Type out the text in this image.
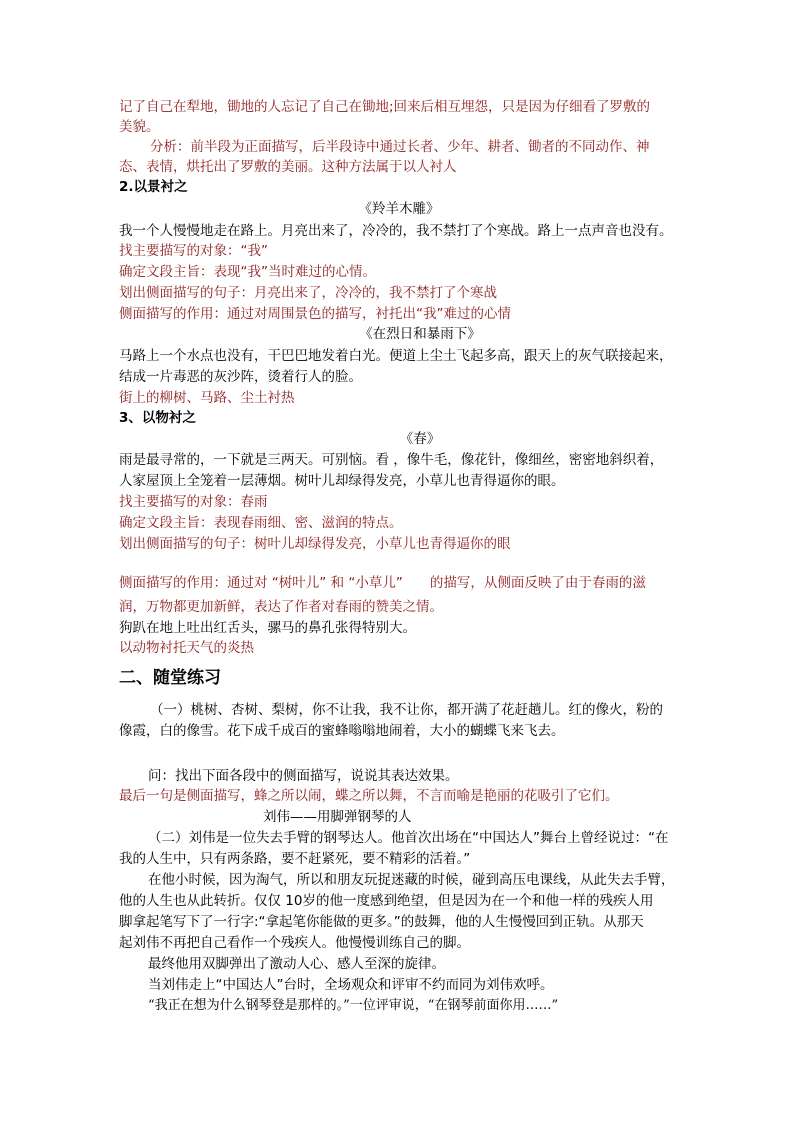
记了自己在犁地，锄地的人忘记了自己在锄地;回来后相互埋怨，只是因为仔细看了罗敷的
美貌。
分析：前半段为正面描写，后半段诗中通过长者、少年、耕者、锄者的不同动作、神
态、表情，烘托出了罗敷的美丽。这种方法属于以人衬人
2.以景衬之
《羚羊木雕》
我一个人慢慢地走在路上。月亮出来了，冷冷的，我不禁打了个寒战。路上一点声音也没有。
找主要描写的对象：“我”
确定文段主旨：表现“我”当时难过的心情。
划出侧面描写的句子：月亮出来了，冷冷的，我不禁打了个寒战
侧面描写的作用：通过对周围景色的描写，衬托出“我”难过的心情
《在烈日和暴雨下》
马路上一个水点也没有，干巴巴地发着白光。便道上尘土飞起多高，跟天上的灰气联接起来，
结成一片毒恶的灰沙阵，烫着行人的脸。
街上的柳树、马路、尘土衬热
3、以物衬之
《春》
雨是最寻常的，一下就是三两天。可别恼。看 ，像牛毛，像花针，像细丝，密密地斜织着，
人家屋顶上全笼着一层薄烟。树叶儿却绿得发亮，小草儿也青得逼你的眼。
找主要描写的对象：春雨
确定文段主旨：表现春雨细、密、滋润的特点。
划出侧面描写的句子：树叶儿却绿得发亮，小草儿也青得逼你的眼
侧面描写的作用：通过对 “树叶儿” 和 “小草儿”　　的描写，从侧面反映了由于春雨的滋
润，万物都更加新鲜，表达了作者对春雨的赞美之情。
狗趴在地上吐出红舌头，骡马的鼻孔张得特别大。
以动物衬托天气的炎热
二、随堂练习
（一）桃树、杏树、梨树，你不让我，我不让你，都开满了花赶趟儿。红的像火，粉的
像霞，白的像雪。花下成千成百的蜜蜂嗡嗡地闹着，大小的蝴蝶飞来飞去。
问：找出下面各段中的侧面描写，说说其表达效果。
最后一句是侧面描写，蜂之所以闹，蝶之所以舞，不言而喻是艳丽的花吸引了它们。
刘伟——用脚弹钢琴的人
（二）刘伟是一位失去手臂的钢琴达人。他首次出场在“中国达人”舞台上曾经说过：“在
我的人生中，只有两条路，要不赶紧死，要不精彩的活着。”
在他小时候，因为淘气，所以和朋友玩捉迷藏的时候，碰到高压电课线，从此失去手臂，
他的人生也从此转折。仅仅 10岁的他一度感到绝望，但是因为在一个和他一样的残疾人用
脚拿起笔写下了一行字:“拿起笔你能做的更多。”的鼓舞，他的人生慢慢回到正轨。从那天
起刘伟不再把自己看作一个残疾人。他慢慢训练自己的脚。
最终他用双脚弹出了激动人心、感人至深的旋律。
当刘伟走上“中国达人”台时，全场观众和评审不约而同为刘伟欢呼。
“我正在想为什么钢琴登是那样的。”一位评审说，“在钢琴前面你用……”
